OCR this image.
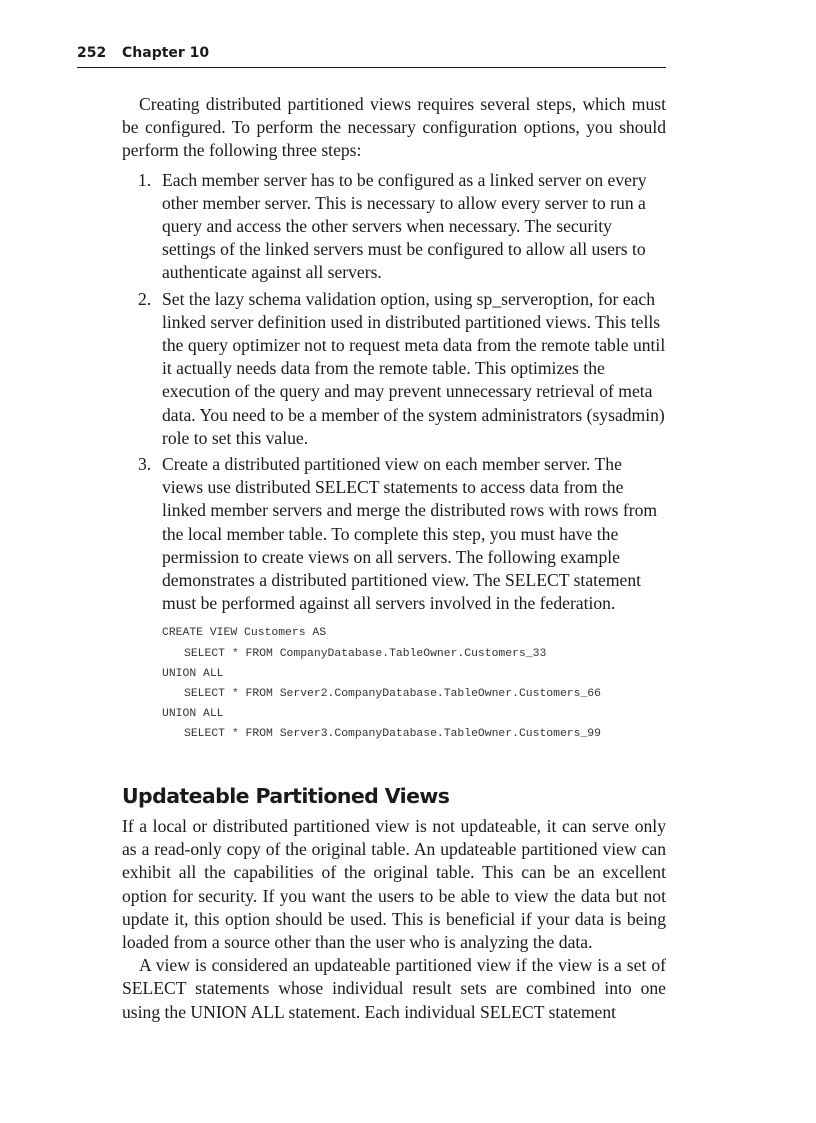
252 Chapter 10

Creating distributed partitioned views requires several steps, which must be configured. To perform the necessary configuration options, you should perform the following three steps:

1. Each member server has to be configured as a linked server on every other member server. This is necessary to allow every server to run a query and access the other servers when necessary. The security settings of the linked servers must be configured to allow all users to authenticate against all servers.
2. Set the lazy schema validation option, using sp_serveroption, for each linked server definition used in distributed partitioned views. This tells the query optimizer not to request meta data from the remote table until it actually needs data from the remote table. This optimizes the execution of the query and may prevent unnecessary retrieval of meta data. You need to be a member of the system administrators (sysadmin) role to set this value.
3. Create a distributed partitioned view on each member server. The views use distributed SELECT statements to access data from the linked member servers and merge the distributed rows with rows from the local member table. To complete this step, you must have the permission to create views on all servers. The following example demonstrates a distributed partitioned view. The SELECT statement must be performed against all servers involved in the federation.
CREATE VIEW Customers AS
SELECT * FROM CompanyDatabase.TableOwner.Customers_33
UNION ALL
SELECT * FROM Server2.CompanyDatabase.TableOwner.Customers_66
UNION ALL
SELECT * FROM Server3.CompanyDatabase.TableOwner.Customers_99
Updateable Partitioned Views

If a local or distributed partitioned view is not updateable, it can serve only as a read-only copy of the original table. An updateable partitioned view can exhibit all the capabilities of the original table. This can be an excellent option for security. If you want the users to be able to view the data but not update it, this option should be used. This is beneficial if your data is being loaded from a source other than the user who is analyzing the data.

A view is considered an updateable partitioned view if the view is a set of SELECT statements whose individual result sets are combined into one using the UNION ALL statement. Each individual SELECT statement
